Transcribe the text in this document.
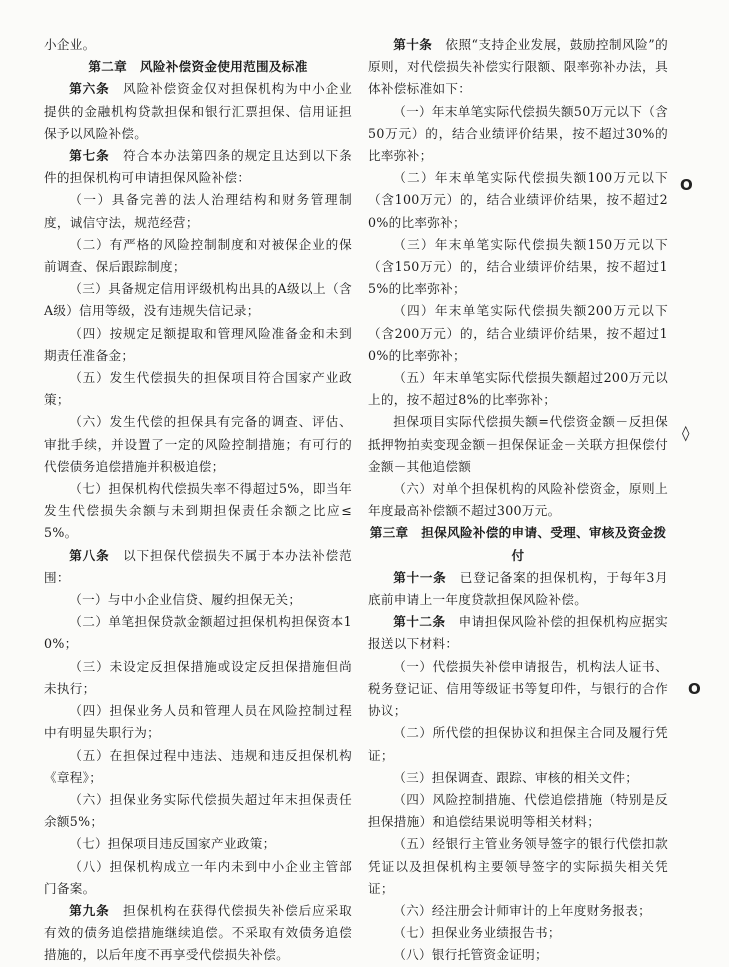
小企业。

第二章　风险补偿资金使用范围及标准

第六条　风险补偿资金仅对担保机构为中小企业提供的金融机构贷款担保和银行汇票担保、信用证担保予以风险补偿。

第七条　符合本办法第四条的规定且达到以下条件的担保机构可申请担保风险补偿：

（一）具备完善的法人治理结构和财务管理制度，诚信守法，规范经营；

（二）有严格的风险控制制度和对被保企业的保前调查、保后跟踪制度；

（三）具备规定信用评级机构出具的A级以上（含A级）信用等级，没有违规失信记录；

（四）按规定足额提取和管理风险准备金和未到期责任准备金；

（五）发生代偿损失的担保项目符合国家产业政策；

（六）发生代偿的担保具有完备的调查、评估、审批手续，并设置了一定的风险控制措施；有可行的代偿债务追偿措施并积极追偿；

（七）担保机构代偿损失率不得超过5%，即当年发生代偿损失余额与未到期担保责任余额之比应≤5%。

第八条　以下担保代偿损失不属于本办法补偿范围：

（一）与中小企业信贷、履约担保无关；

（二）单笔担保贷款金额超过担保机构担保资本10%；

（三）未设定反担保措施或设定反担保措施但尚未执行；

（四）担保业务人员和管理人员在风险控制过程中有明显失职行为；

（五）在担保过程中违法、违规和违反担保机构《章程》；

（六）担保业务实际代偿损失超过年末担保责任余额5%；

（七）担保项目违反国家产业政策；

（八）担保机构成立一年内未到中小企业主管部门备案。

第九条　担保机构在获得代偿损失补偿后应采取有效的债务追偿措施继续追偿。不采取有效债务追偿措施的，以后年度不再享受代偿损失补偿。

第十条　依照“支持企业发展，鼓励控制风险”的原则，对代偿损失补偿实行限额、限率弥补办法，具体补偿标准如下：

（一）年末单笔实际代偿损失额50万元以下（含50万元）的，结合业绩评价结果，按不超过30%的比率弥补；

（二）年末单笔实际代偿损失额100万元以下（含100万元）的，结合业绩评价结果，按不超过20%的比率弥补；

（三）年末单笔实际代偿损失额150万元以下（含150万元）的，结合业绩评价结果，按不超过15%的比率弥补；

（四）年末单笔实际代偿损失额200万元以下（含200万元）的，结合业绩评价结果，按不超过10%的比率弥补；

（五）年末单笔实际代偿损失额超过200万元以上的，按不超过8%的比率弥补；

担保项目实际代偿损失额=代偿资金额－反担保抵押物拍卖变现金额－担保保证金－关联方担保偿付金额－其他追偿额

（六）对单个担保机构的风险补偿资金，原则上年度最高补偿额不超过300万元。

第三章　担保风险补偿的申请、受理、审核及资金拨付

第十一条　已登记备案的担保机构，于每年3月底前申请上一年度贷款担保风险补偿。

第十二条　申请担保风险补偿的担保机构应据实报送以下材料：

（一）代偿损失补偿申请报告，机构法人证书、税务登记证、信用等级证书等复印件，与银行的合作协议；

（二）所代偿的担保协议和担保主合同及履行凭证；

（三）担保调查、跟踪、审核的相关文件；

（四）风险控制措施、代偿追偿措施（特别是反担保措施）和追偿结果说明等相关材料；

（五）经银行主管业务领导签字的银行代偿扣款凭证以及担保机构主要领导签字的实际损失相关凭证；

（六）经注册会计师审计的上年度财务报表；

（七）担保业务业绩报告书；

（八）银行托管资金证明；

O
◊
O
